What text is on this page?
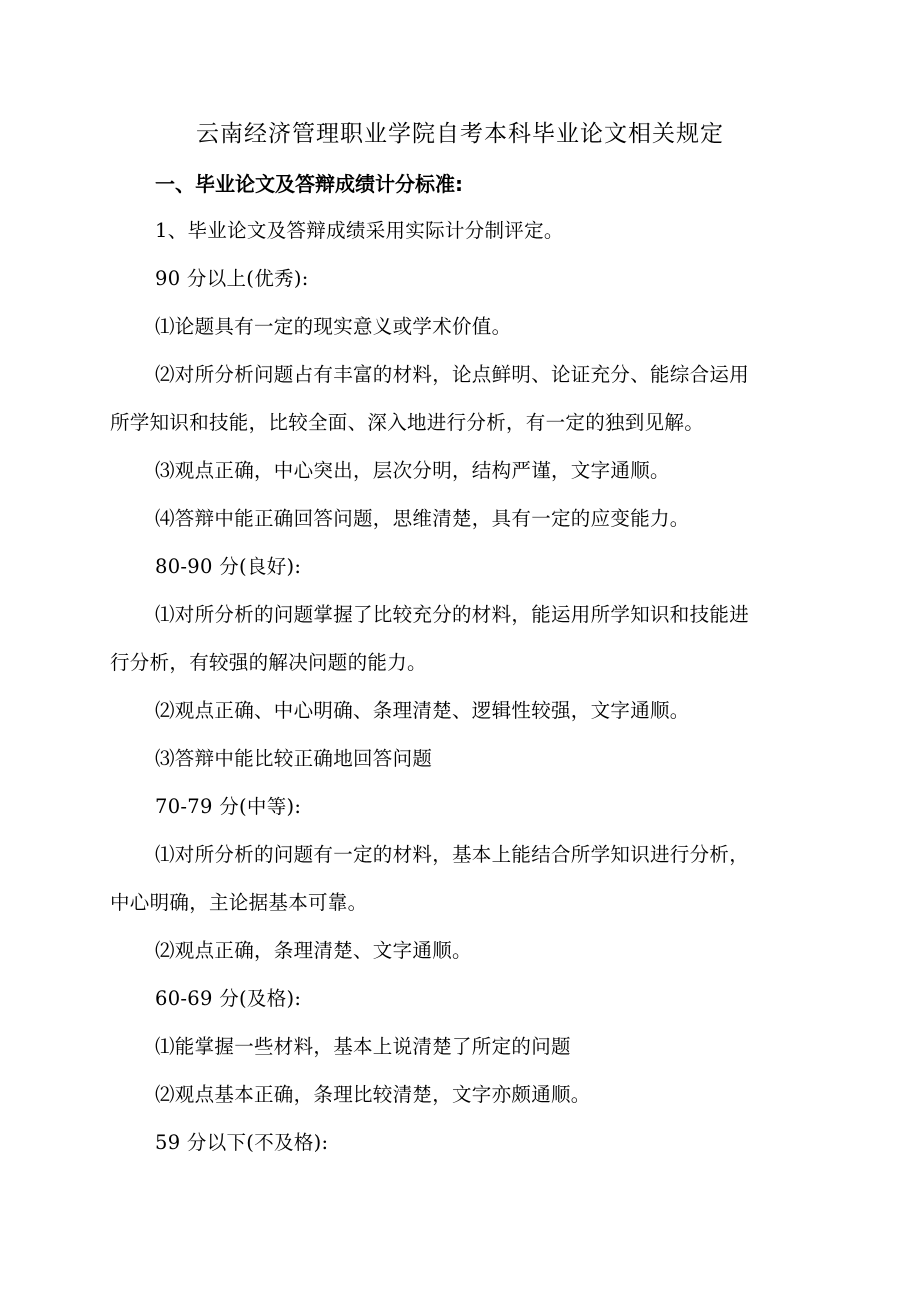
云南经济管理职业学院自考本科毕业论文相关规定
一、毕业论文及答辩成绩计分标准:
1、毕业论文及答辩成绩采用实际计分制评定。
90 分以上(优秀):
⑴论题具有一定的现实意义或学术价值。
⑵对所分析问题占有丰富的材料，论点鲜明、论证充分、能综合运用
所学知识和技能，比较全面、深入地进行分析，有一定的独到见解。
⑶观点正确，中心突出，层次分明，结构严谨，文字通顺。
⑷答辩中能正确回答问题，思维清楚，具有一定的应变能力。
80-90 分(良好):
⑴对所分析的问题掌握了比较充分的材料，能运用所学知识和技能进
行分析，有较强的解决问题的能力。
⑵观点正确、中心明确、条理清楚、逻辑性较强，文字通顺。
⑶答辩中能比较正确地回答问题
70-79 分(中等):
⑴对所分析的问题有一定的材料，基本上能结合所学知识进行分析，
中心明确，主论据基本可靠。
⑵观点正确，条理清楚、文字通顺。
60-69 分(及格):
⑴能掌握一些材料，基本上说清楚了所定的问题
⑵观点基本正确，条理比较清楚，文字亦颇通顺。
59 分以下(不及格):
